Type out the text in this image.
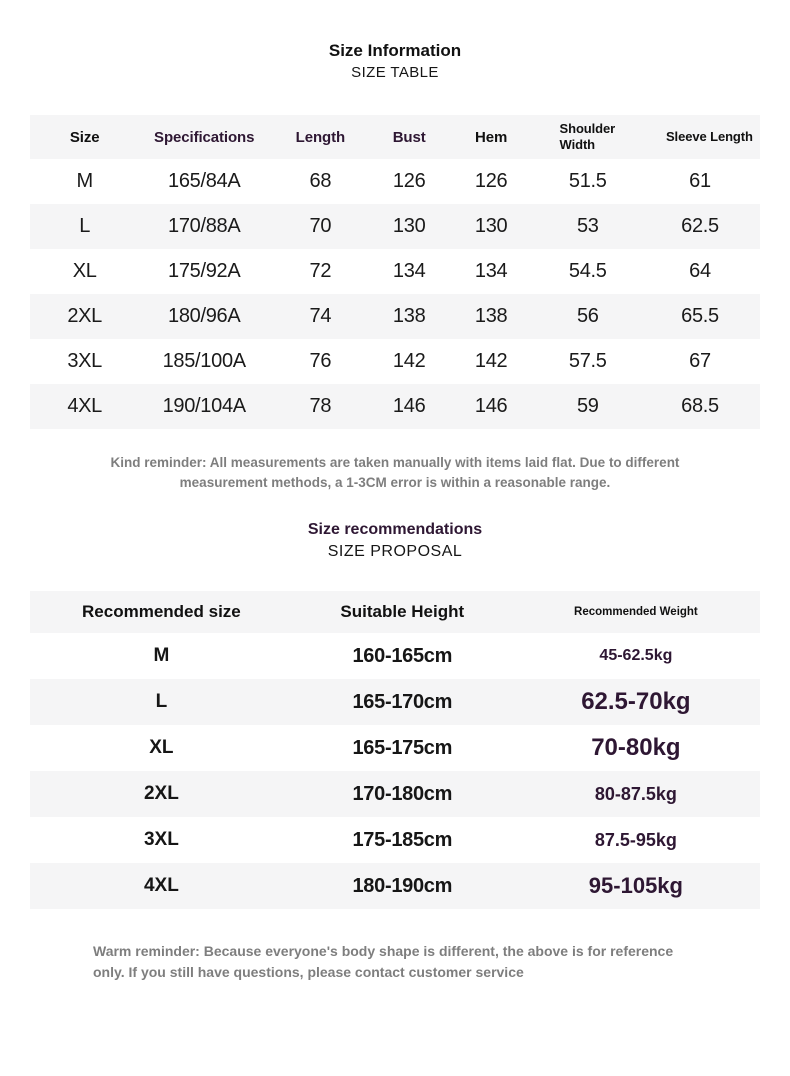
Size Information
SIZE TABLE
Size	Specifications	Length	Bust	Hem	Shoulder Width	Sleeve Length
M	165/84A	68	126	126	51.5	61
L	170/88A	70	130	130	53	62.5
XL	175/92A	72	134	134	54.5	64
2XL	180/96A	74	138	138	56	65.5
3XL	185/100A	76	142	142	57.5	67
4XL	190/104A	78	146	146	59	68.5

Kind reminder: All measurements are taken manually with items laid flat. Due to different measurement methods, a 1-3CM error is within a reasonable range.

Size recommendations
SIZE PROPOSAL
Recommended size	Suitable Height	Recommended Weight
M	160-165cm	45-62.5kg
L	165-170cm	62.5-70kg
XL	165-175cm	70-80kg
2XL	170-180cm	80-87.5kg
3XL	175-185cm	87.5-95kg
4XL	180-190cm	95-105kg

Warm reminder: Because everyone's body shape is different, the above is for reference only. If you still have questions, please contact customer service
